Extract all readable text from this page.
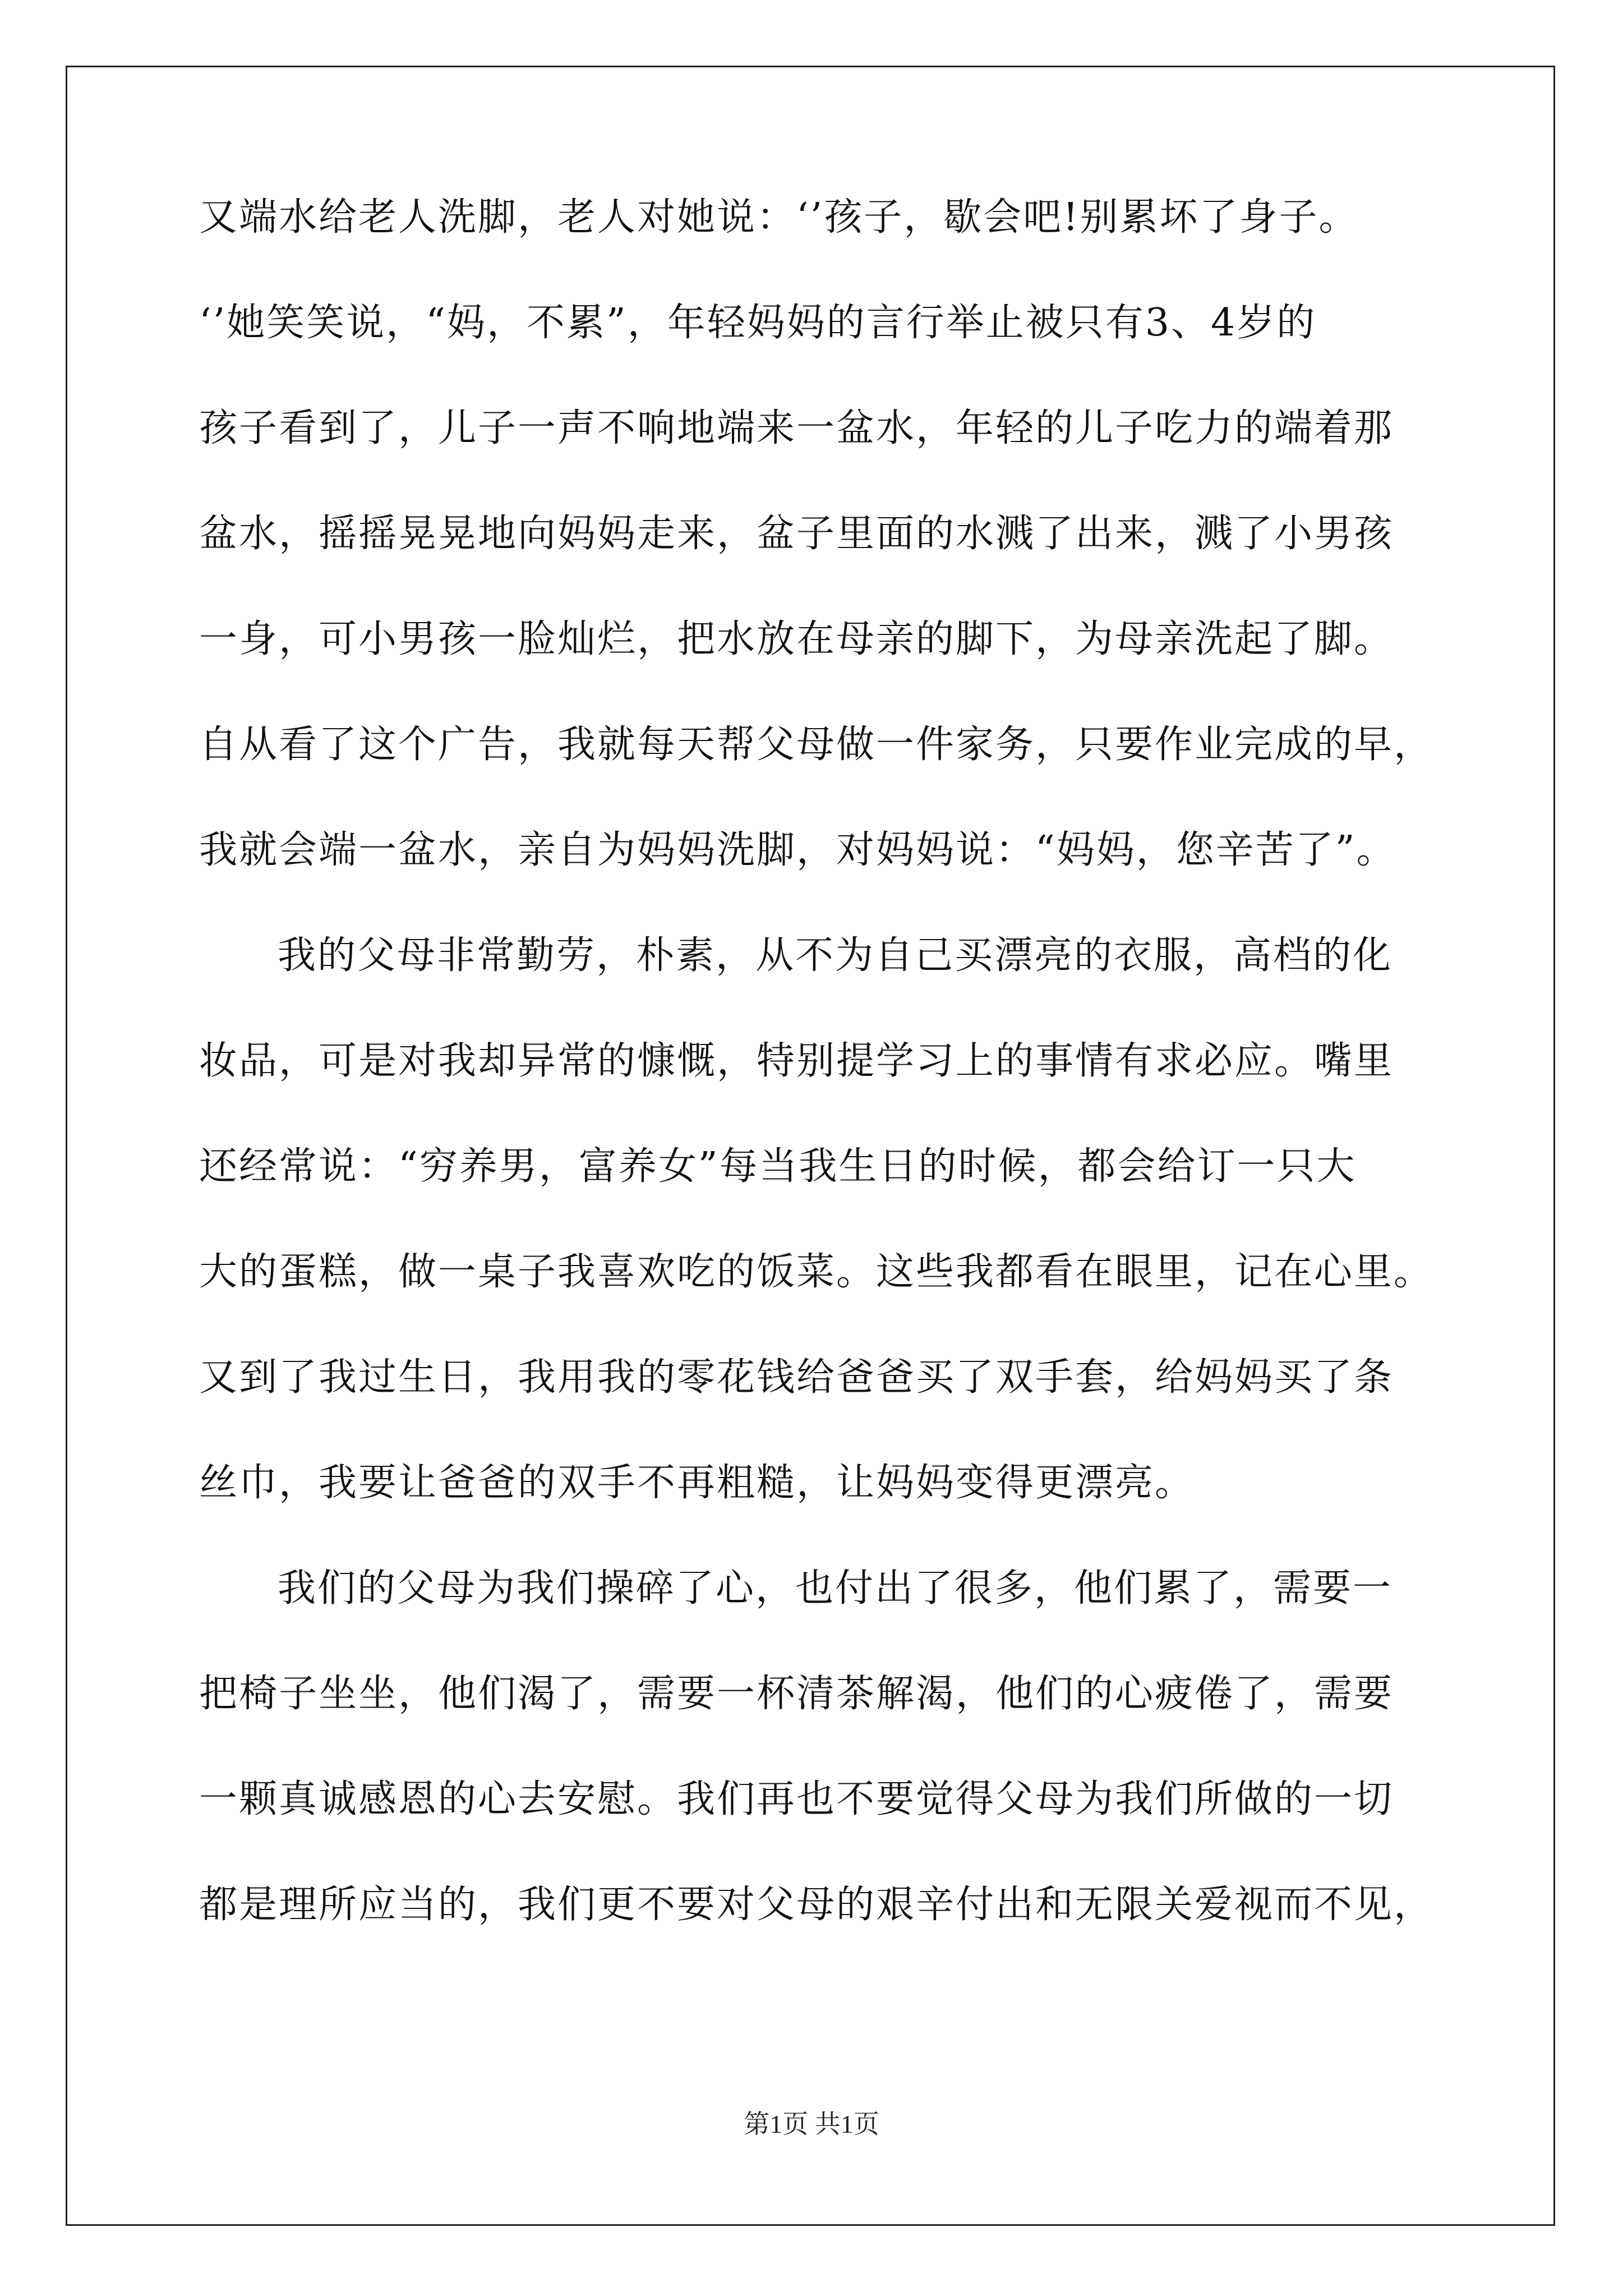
又端水给老人洗脚，老人对她说：‘’孩子，歇会吧!别累坏了身子。
‘’她笑笑说，“妈，不累”，年轻妈妈的言行举止被只有3、4岁的
孩子看到了，儿子一声不响地端来一盆水，年轻的儿子吃力的端着那
盆水，摇摇晃晃地向妈妈走来，盆子里面的水溅了出来，溅了小男孩
一身，可小男孩一脸灿烂，把水放在母亲的脚下，为母亲洗起了脚。
自从看了这个广告，我就每天帮父母做一件家务，只要作业完成的早，
我就会端一盆水，亲自为妈妈洗脚，对妈妈说：“妈妈，您辛苦了”。
我的父母非常勤劳，朴素，从不为自己买漂亮的衣服，高档的化
妆品，可是对我却异常的慷慨，特别提学习上的事情有求必应。嘴里
还经常说：“穷养男，富养女”每当我生日的时候，都会给订一只大
大的蛋糕，做一桌子我喜欢吃的饭菜。这些我都看在眼里，记在心里。
又到了我过生日，我用我的零花钱给爸爸买了双手套，给妈妈买了条
丝巾，我要让爸爸的双手不再粗糙，让妈妈变得更漂亮。
我们的父母为我们操碎了心，也付出了很多，他们累了，需要一
把椅子坐坐，他们渴了，需要一杯清茶解渴，他们的心疲倦了，需要
一颗真诚感恩的心去安慰。我们再也不要觉得父母为我们所做的一切
都是理所应当的，我们更不要对父母的艰辛付出和无限关爱视而不见，
第1页 共1页
